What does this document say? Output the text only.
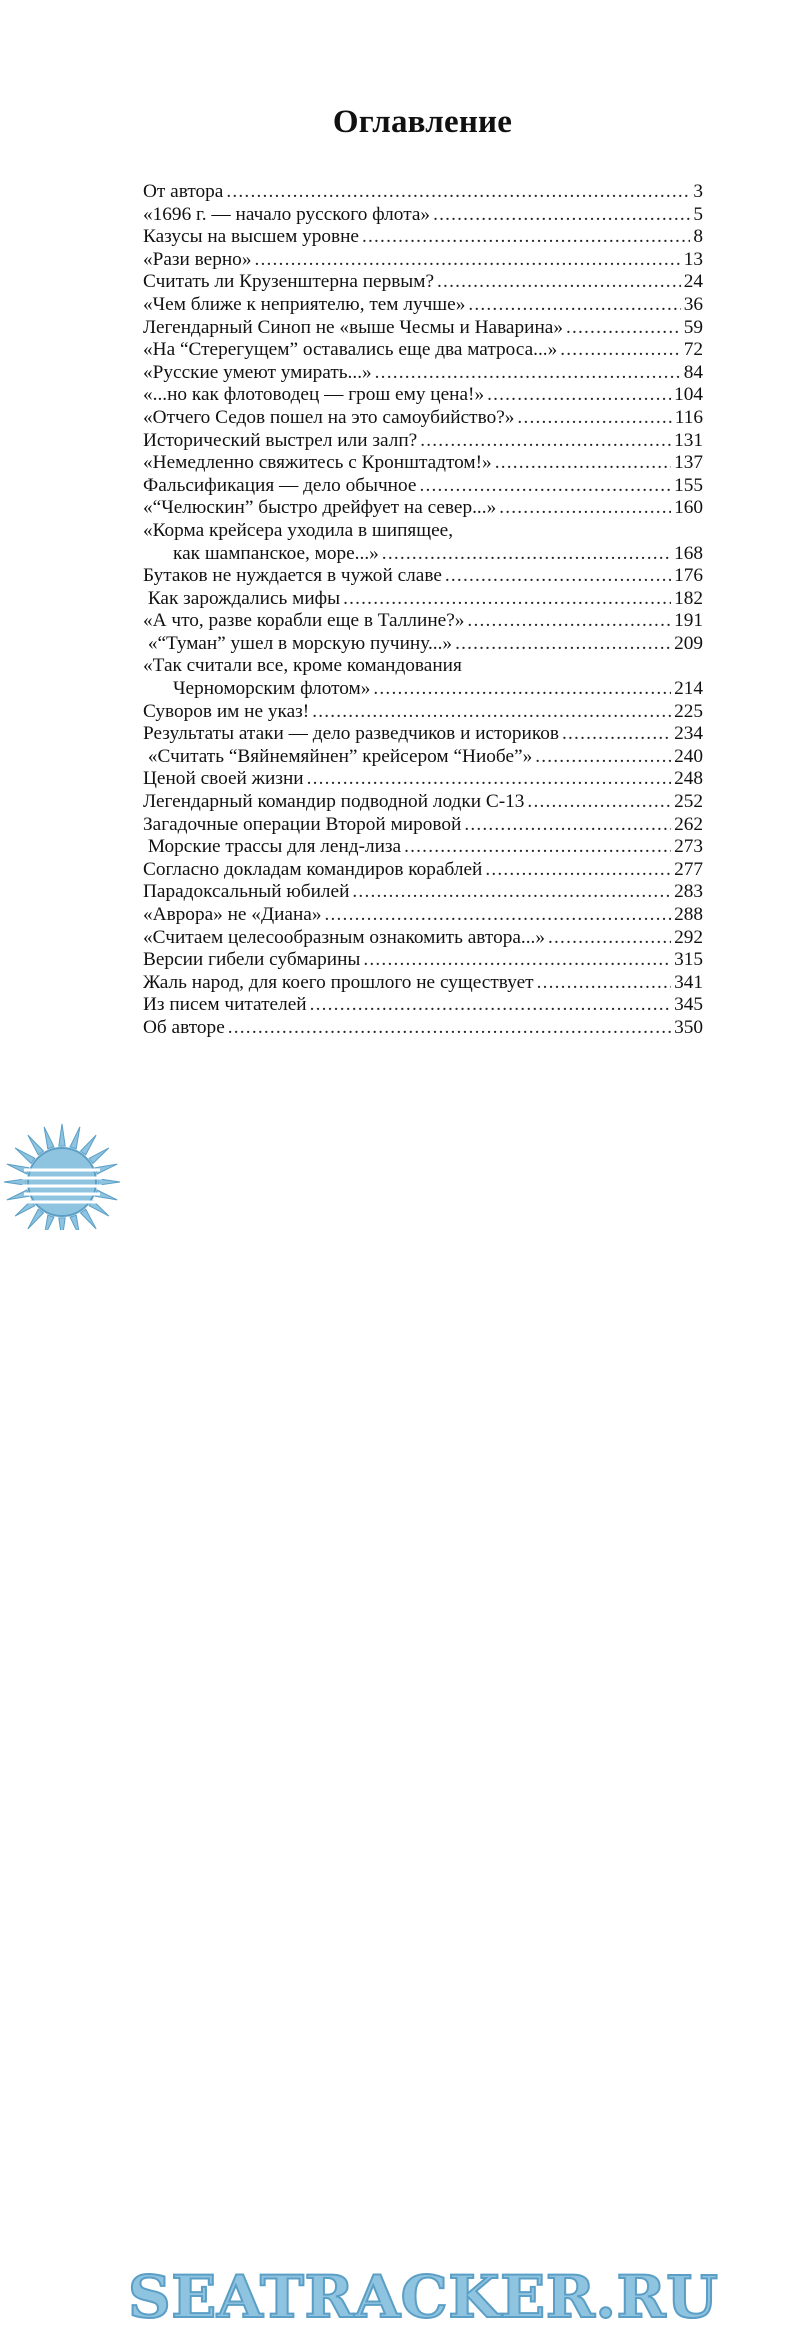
Оглавление
От автора .....	3
«1696 г. — начало русского флота» .....	5
Казусы на высшем уровне .....	8
«Рази верно» .....	13
Считать ли Крузенштерна первым? .....	24
«Чем ближе к неприятелю, тем лучше» .....	36
Легендарный Синоп не «выше Чесмы и Наварина» .....	59
«На “Стерегущем” оставались еще два матроса...» .....	72
«Русские умеют умирать...» .....	84
«...но как флотоводец — грош ему цена!» .....	104
«Отчего Седов пошел на это самоубийство?» .....	116
Исторический выстрел или залп? .....	131
«Немедленно свяжитесь с Кронштадтом!» .....	137
Фальсификация — дело обычное .....	155
«“Челюскин” быстро дрейфует на север...» .....	160
«Корма крейсера уходила в шипящее,
как шампанское, море...» .....	168
Бутаков не нуждается в чужой славе .....	176
Как зарождались мифы .....	182
«А что, разве корабли еще в Таллине?» .....	191
«“Туман” ушел в морскую пучину...» .....	209
«Так считали все, кроме командования
Черноморским флотом» .....	214
Суворов им не указ! .....	225
Результаты атаки — дело разведчиков и историков .....	234
«Считать “Вяйнемяйнен” крейсером “Ниобе”» .....	240
Ценой своей жизни .....	248
Легендарный командир подводной лодки С-13 .....	252
Загадочные операции Второй мировой .....	262
Морские трассы для ленд-лиза .....	273
Согласно докладам командиров кораблей .....	277
Парадоксальный юбилей .....	283
«Аврора» не «Диана» .....	288
«Считаем целесообразным ознакомить автора...» .....	292
Версии гибели субмарины .....	315
Жаль народ, для коего прошлого не существует .....	341
Из писем читателей .....	345
Об авторе .....	350
SEATRACKER.RU
